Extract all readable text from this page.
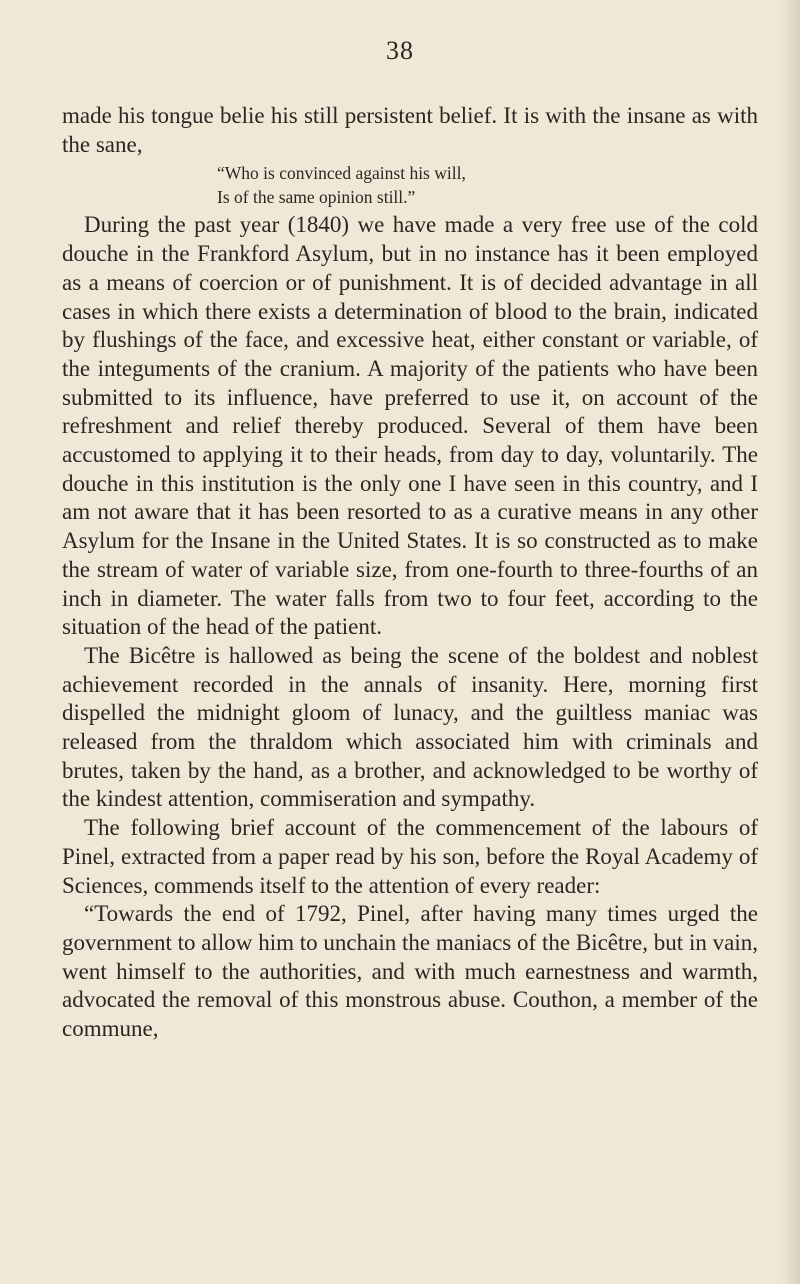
38

made his tongue belie his still persistent belief. It is with the insane as with the sane,

“Who is convinced against his will,
Is of the same opinion still.”

During the past year (1840) we have made a very free use of the cold douche in the Frankford Asylum, but in no instance has it been employed as a means of coercion or of punishment. It is of decided advantage in all cases in which there exists a determination of blood to the brain, indicated by flushings of the face, and excessive heat, either constant or variable, of the integuments of the cranium. A majority of the patients who have been submitted to its influence, have preferred to use it, on account of the refreshment and relief thereby produced. Several of them have been accustomed to applying it to their heads, from day to day, voluntarily. The douche in this institution is the only one I have seen in this country, and I am not aware that it has been resorted to as a curative means in any other Asylum for the Insane in the United States. It is so constructed as to make the stream of water of variable size, from one-fourth to three-fourths of an inch in diameter. The water falls from two to four feet, according to the situation of the head of the patient.

The Bicêtre is hallowed as being the scene of the boldest and noblest achievement recorded in the annals of insanity. Here, morning first dispelled the midnight gloom of lunacy, and the guiltless maniac was released from the thraldom which associated him with criminals and brutes, taken by the hand, as a brother, and acknowledged to be worthy of the kindest attention, commiseration and sympathy.

The following brief account of the commencement of the labours of Pinel, extracted from a paper read by his son, before the Royal Academy of Sciences, commends itself to the attention of every reader:

“Towards the end of 1792, Pinel, after having many times urged the government to allow him to unchain the maniacs of the Bicêtre, but in vain, went himself to the authorities, and with much earnestness and warmth, advocated the removal of this monstrous abuse. Couthon, a member of the commune,
